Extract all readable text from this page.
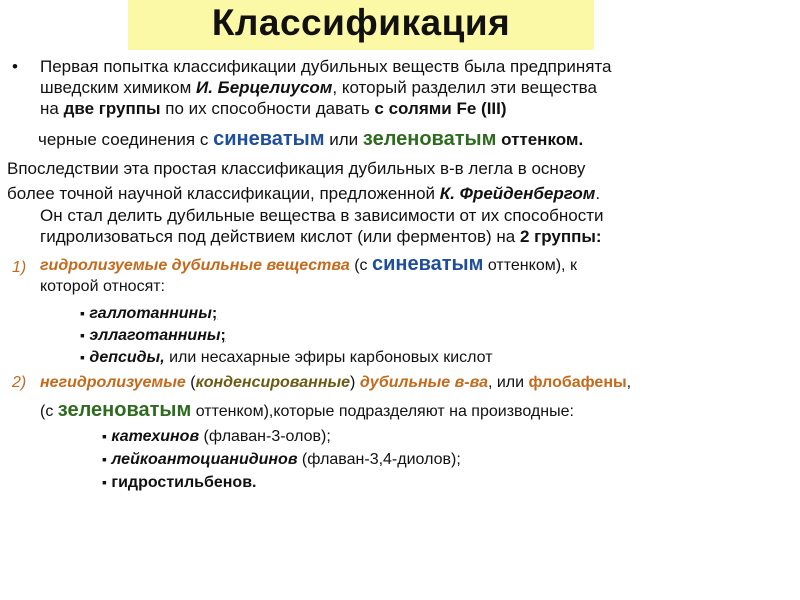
Классификация
• Первая попытка классификации дубильных веществ была предпринята
шведским химиком И. Берцелиусом, который разделил эти вещества
на две группы по их способности давать с солями Fe (III)
черные соединения с синеватым или зеленоватым оттенком.
Впоследствии эта простая классификация дубильных в-в легла в основу
более точной научной классификации, предложенной К. Фрейденбергом.
Он стал делить дубильные вещества в зависимости от их способности
гидролизоваться под действием кислот (или ферментов) на 2 группы:
1) гидролизуемые дубильные вещества (с синеватым оттенком), к
которой относят:
▪ галлотаннины;
▪ эллаготаннины;
▪ депсиды, или несахарные эфиры карбоновых кислот
2) негидролизуемые (конденсированные) дубильные в-ва, или флобафены,
(с зеленоватым оттенком),которые подразделяют на производные:
▪ катехинов (флаван-3-олов);
▪ лейкоантоцианидинов (флаван-3,4-диолов);
▪ гидростильбенов.
